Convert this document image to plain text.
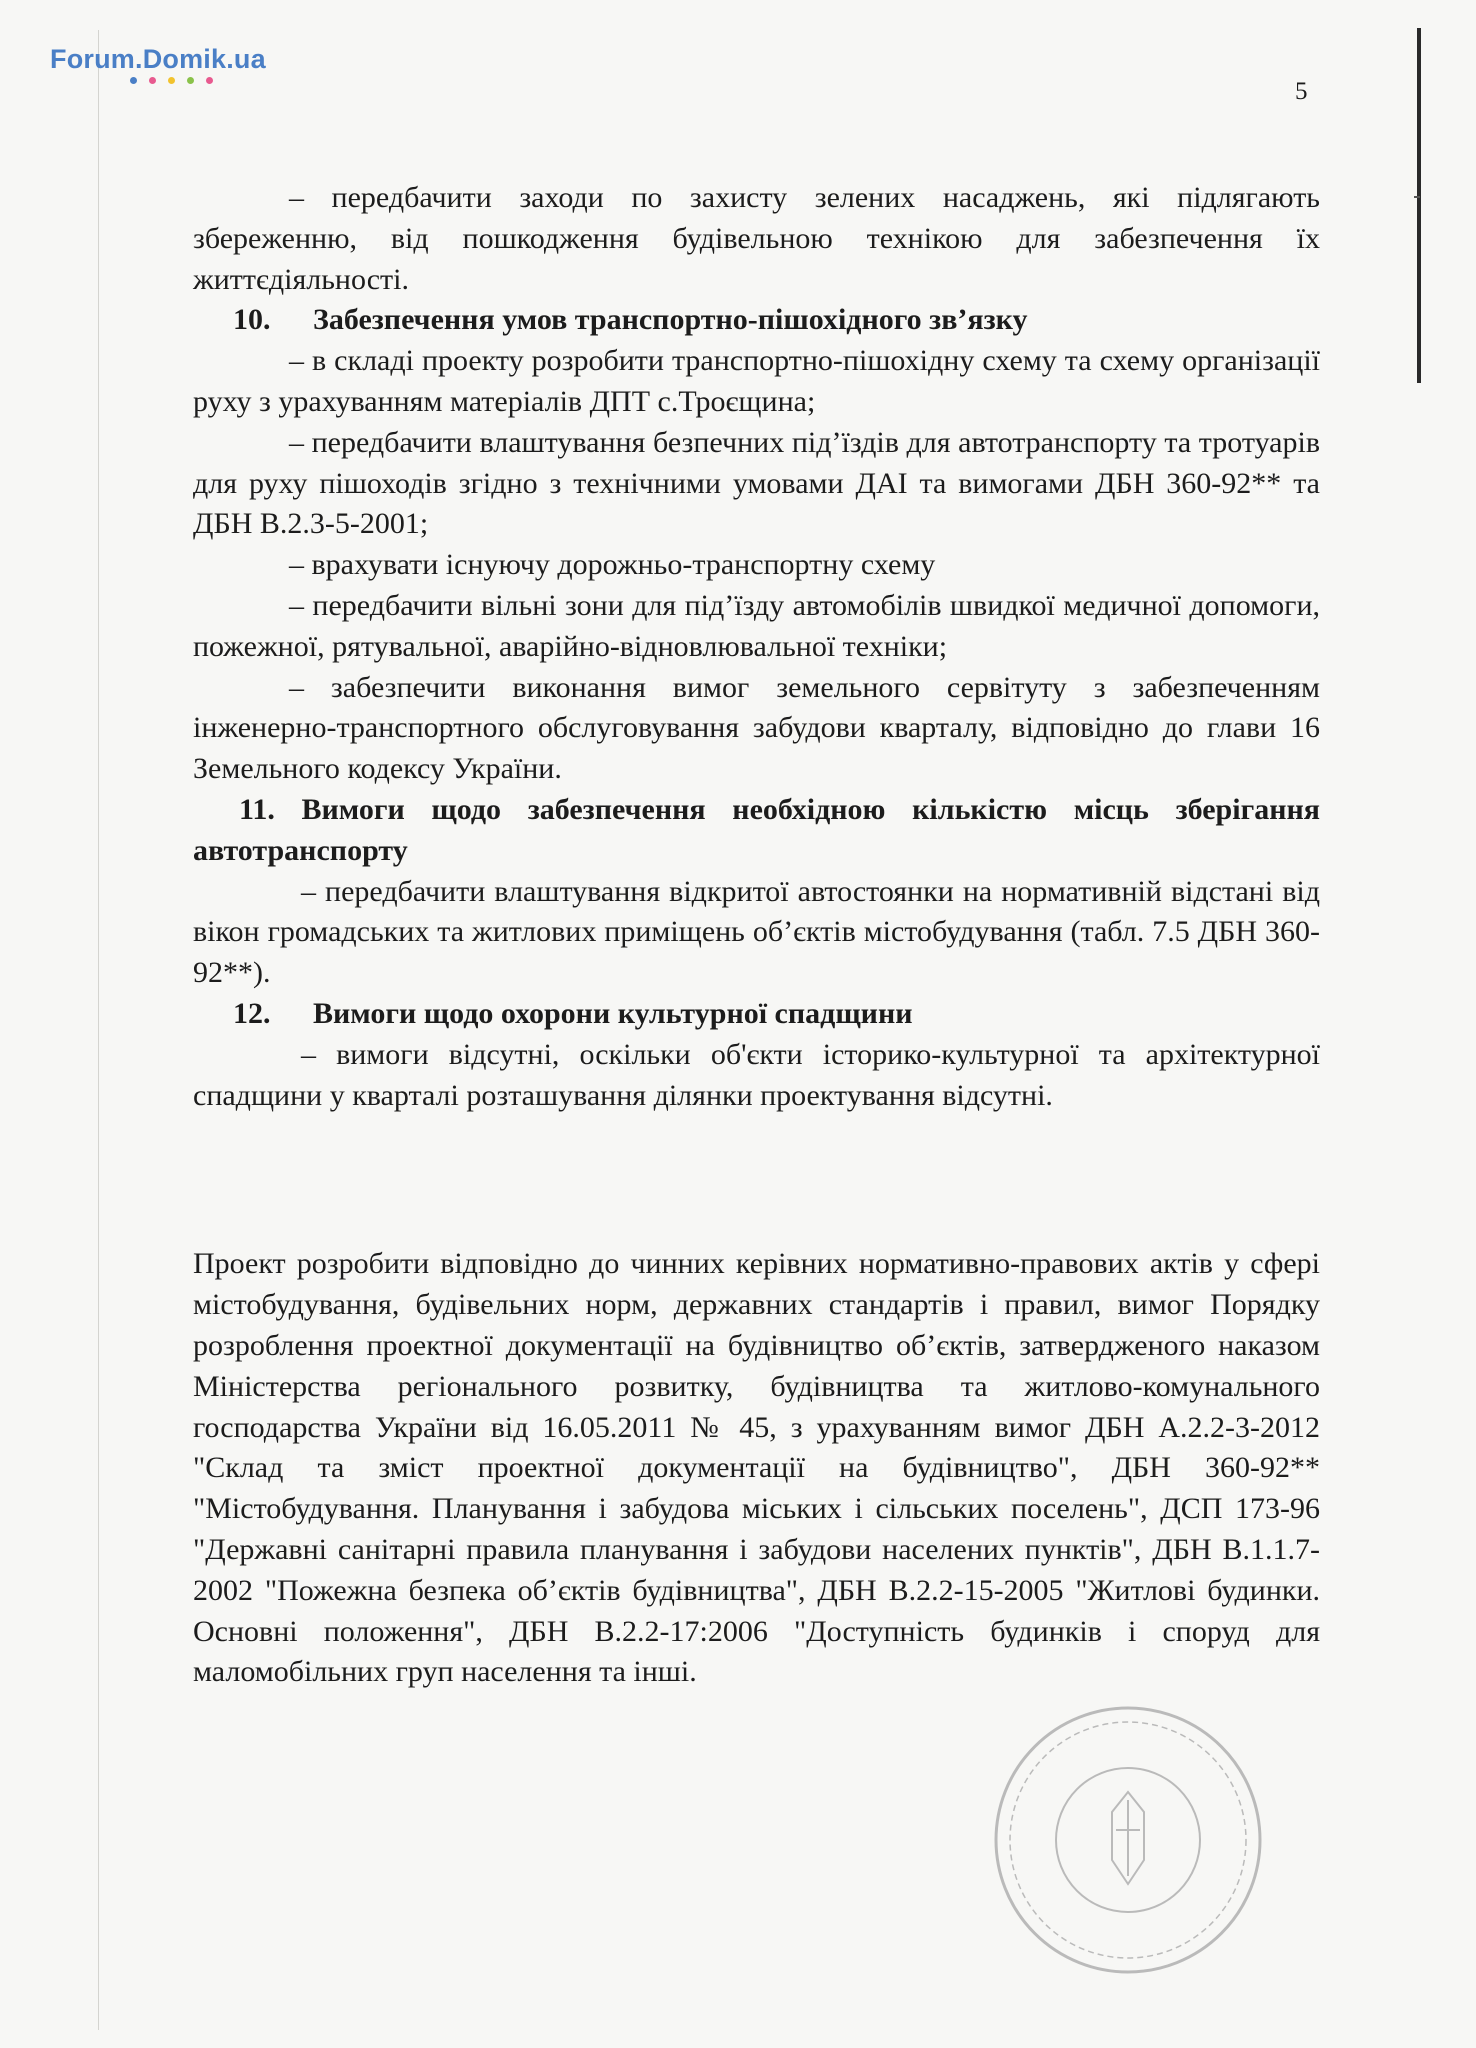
Forum.Domik.ua
5

– передбачити заходи по захисту зелених насаджень, які підлягають збереженню, від пошкодження будівельною технікою для забезпечення їх життєдіяльності.

10. Забезпечення умов транспортно-пішохідного зв’язку

– в складі проекту розробити транспортно-пішохідну схему та схему організації руху з урахуванням матеріалів ДПТ с.Троєщина;

– передбачити влаштування безпечних під’їздів для автотранспорту та тротуарів для руху пішоходів згідно з технічними умовами ДАІ та вимогами ДБН 360-92** та ДБН В.2.3-5-2001;

– врахувати існуючу дорожньо-транспортну схему

– передбачити вільні зони для під’їзду автомобілів швидкої медичної допомоги, пожежної, рятувальної, аварійно-відновлювальної техніки;

– забезпечити виконання вимог земельного сервітуту з забезпеченням інженерно-транспортного обслуговування забудови кварталу, відповідно до глави 16 Земельного кодексу України.

11. Вимоги щодо забезпечення необхідною кількістю місць зберігання автотранспорту

– передбачити влаштування відкритої автостоянки на нормативній відстані від вікон громадських та житлових приміщень об’єктів містобудування (табл. 7.5 ДБН 360-92**).

12. Вимоги щодо охорони культурної спадщини

– вимоги відсутні, оскільки об'єкти історико-культурної та архітектурної спадщини у кварталі розташування ділянки проектування відсутні.

Проект розробити відповідно до чинних керівних нормативно-правових актів у сфері містобудування, будівельних норм, державних стандартів і правил, вимог Порядку розроблення проектної документації на будівництво об’єктів, затвердженого наказом Міністерства регіонального розвитку, будівництва та житлово-комунального господарства України від 16.05.2011 № 45, з урахуванням вимог ДБН А.2.2-3-2012 "Склад та зміст проектної документації на будівництво", ДБН 360-92** "Містобудування. Планування і забудова міських і сільських поселень", ДСП 173-96 "Державні санітарні правила планування і забудови населених пунктів", ДБН В.1.1.7-2002 "Пожежна безпека об’єктів будівництва", ДБН В.2.2-15-2005 "Житлові будинки. Основні положення", ДБН В.2.2-17:2006 "Доступність будинків і споруд для маломобільних груп населення та інші.
